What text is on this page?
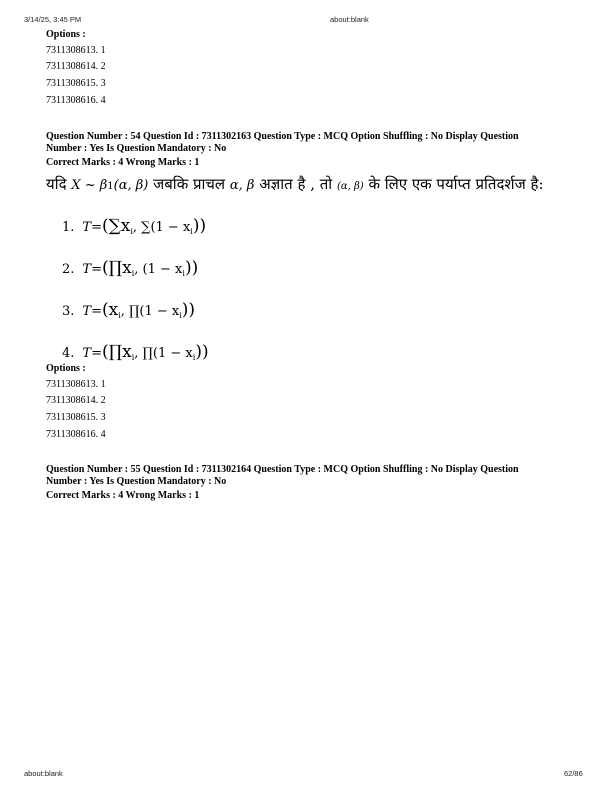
3/14/25, 3:45 PM	about:blank
Options :
7311308613. 1
7311308614. 2
7311308615. 3
7311308616. 4
Question Number : 54 Question Id : 7311302163 Question Type : MCQ Option Shuffling : No Display Question
Number : Yes Is Question Mandatory : No
Correct Marks : 4 Wrong Marks : 1
यदि X ~ β1(α, β) जबकि प्राचल α, β अज्ञात है , तो (α, β) के लिए एक पर्याप्त प्रतिदर्शज है:
1. $T=(\sum x_i$, $\sum(1 - x_i)$)
2. $T=(\prod x_i$, $(1 - x_i)$)
3. $T=(x_i$, ∏(1 − $x_i$))
4. $T=(\prod x_i$, ∏(1 − $x_i$))
Options :
7311308613. 1
7311308614. 2
7311308615. 3
7311308616. 4
Question Number : 55 Question Id : 7311302164 Question Type : MCQ Option Shuffling : No Display Question
Number : Yes Is Question Mandatory : No
Correct Marks : 4 Wrong Marks : 1
about:blank	62/86
